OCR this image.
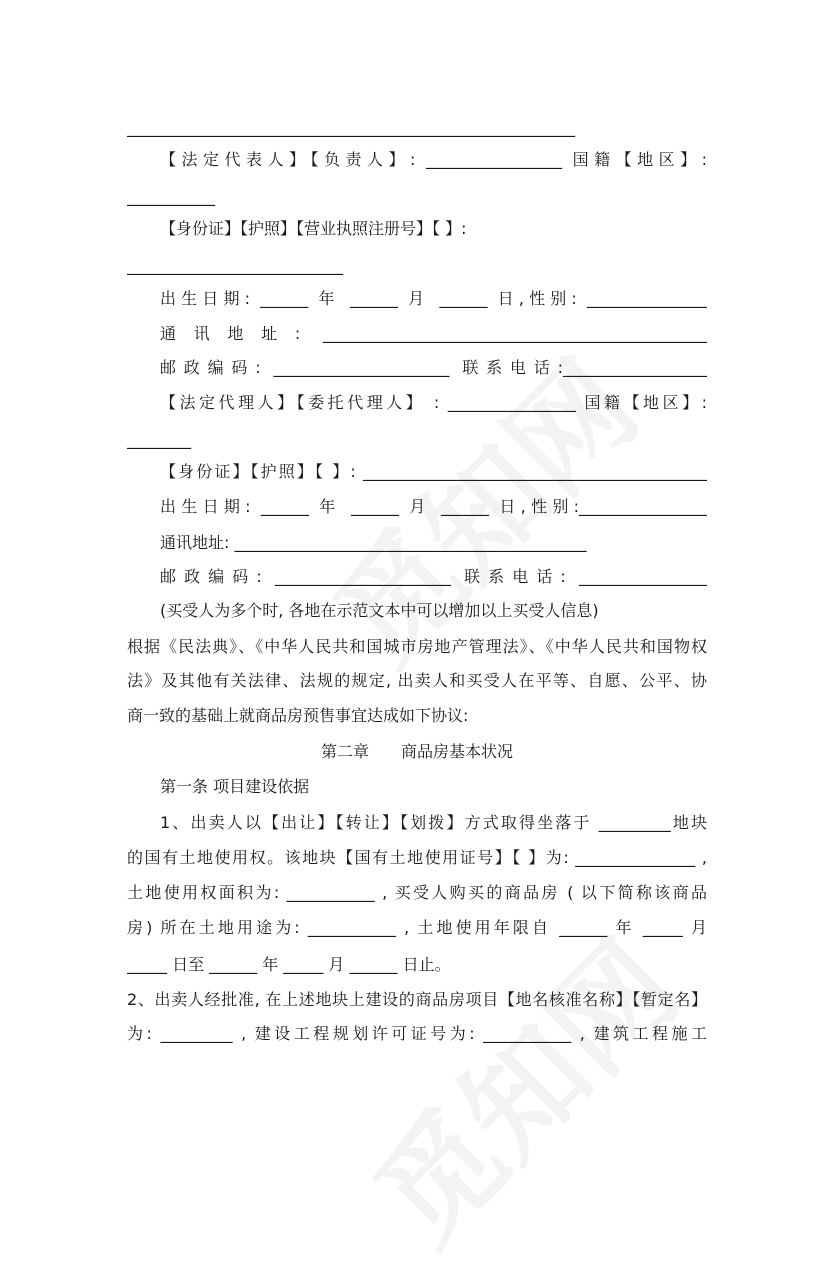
________________________________________________________
【法定代表人】【负责人】: _________________ 国籍【地区】:
___________
【身份证】【护照】【营业执照注册号】【 】:
___________________________
出生日期: ______ 年 ______ 月 ______ 日,性别: _______________
通讯地址: ________________________________________________
邮政编码: ______________________ 联系电话:__________________
【法定代理人】【委托代理人】 : ________________ 国籍【地区】:
________
【身份证】【护照】【 】: ___________________________________________
出生日期: ______ 年 ______ 月 ______ 日,性别:________________
通讯地址: ____________________________________________
邮政编码: ______________________ 联系电话: ________________
(买受人为多个时, 各地在示范文本中可以增加以上买受人信息)
根据《民法典》、《中华人民共和国城市房地产管理法》、《中华人民共和国物权
法》及其他有关法律、法规的规定, 出卖人和买受人在平等、自愿、公平、协
商一致的基础上就商品房预售事宜达成如下协议:
第二章　　商品房基本状况
第一条 项目建设依据
1、出卖人以【出让】【转让】【划拨】方式取得坐落于 _________地块
的国有土地使用权。该地块【国有土地使用证号】【 】为: _______________ ,
土地使用权面积为: ___________ , 买受人购买的商品房 ( 以下简称该商品
房) 所在土地用途为: ___________ , 土地使用年限自 ______ 年 _____ 月
_____ 日至 ______ 年 _____ 月 ______ 日止。
2、出卖人经批准, 在上述地块上建设的商品房项目【地名核准名称】【暂定名】
为: _________ , 建设工程规划许可证号为: ___________ , 建筑工程施工
